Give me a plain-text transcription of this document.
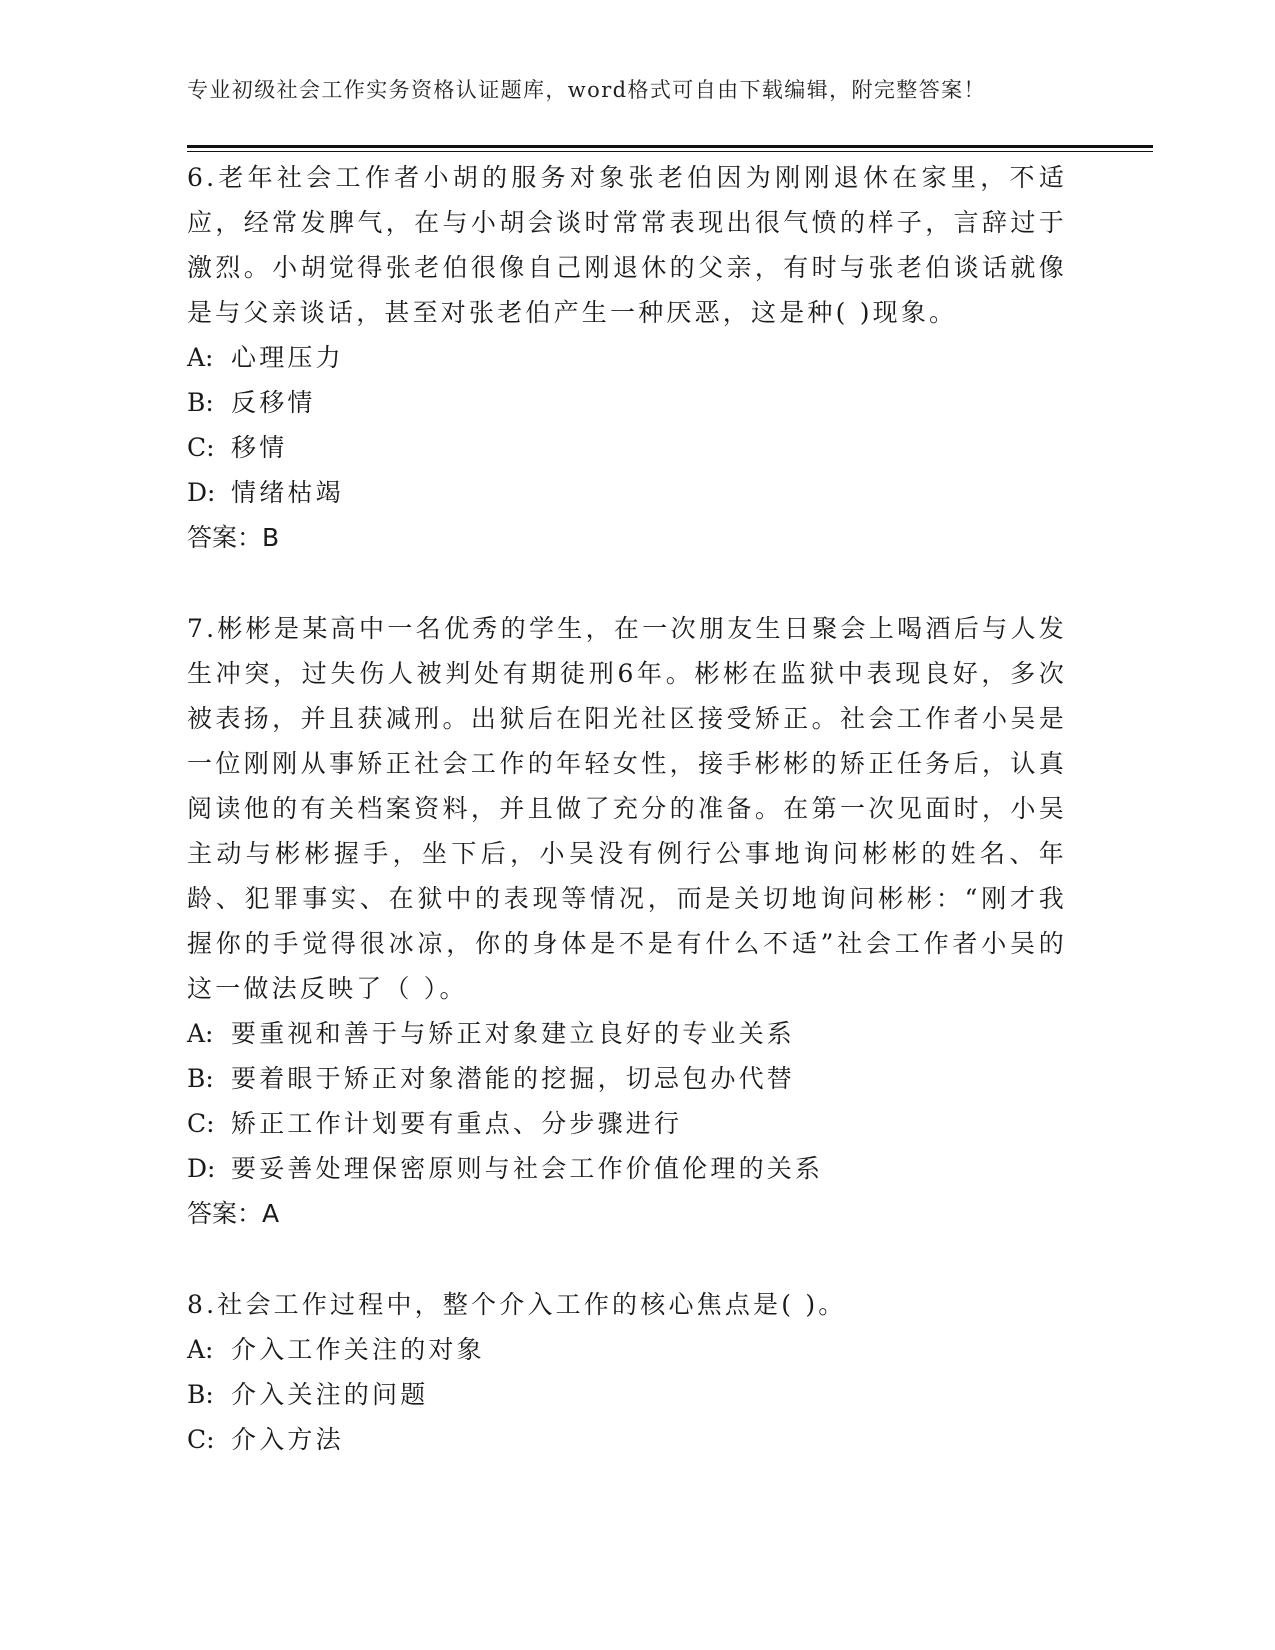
专业初级社会工作实务资格认证题库，word格式可自由下载编辑，附完整答案！

6.老年社会工作者小胡的服务对象张老伯因为刚刚退休在家里，不适应，经常发脾气，在与小胡会谈时常常表现出很气愤的样子，言辞过于激烈。小胡觉得张老伯很像自己刚退休的父亲，有时与张老伯谈话就像是与父亲谈话，甚至对张老伯产生一种厌恶，这是种( )现象。

A: 心理压力

B: 反移情

C: 移情

D: 情绪枯竭

答案：B

7.彬彬是某高中一名优秀的学生，在一次朋友生日聚会上喝酒后与人发生冲突，过失伤人被判处有期徒刑6年。彬彬在监狱中表现良好，多次被表扬，并且获减刑。出狱后在阳光社区接受矫正。社会工作者小吴是一位刚刚从事矫正社会工作的年轻女性，接手彬彬的矫正任务后，认真阅读他的有关档案资料，并且做了充分的准备。在第一次见面时，小吴主动与彬彬握手，坐下后，小吴没有例行公事地询问彬彬的姓名、年龄、犯罪事实、在狱中的表现等情况，而是关切地询问彬彬：“刚才我握你的手觉得很冰凉，你的身体是不是有什么不适”社会工作者小吴的这一做法反映了（ ）。

A: 要重视和善于与矫正对象建立良好的专业关系

B: 要着眼于矫正对象潜能的挖掘，切忌包办代替

C: 矫正工作计划要有重点、分步骤进行

D: 要妥善处理保密原则与社会工作价值伦理的关系

答案：A

8.社会工作过程中，整个介入工作的核心焦点是( )。

A: 介入工作关注的对象

B: 介入关注的问题

C: 介入方法
